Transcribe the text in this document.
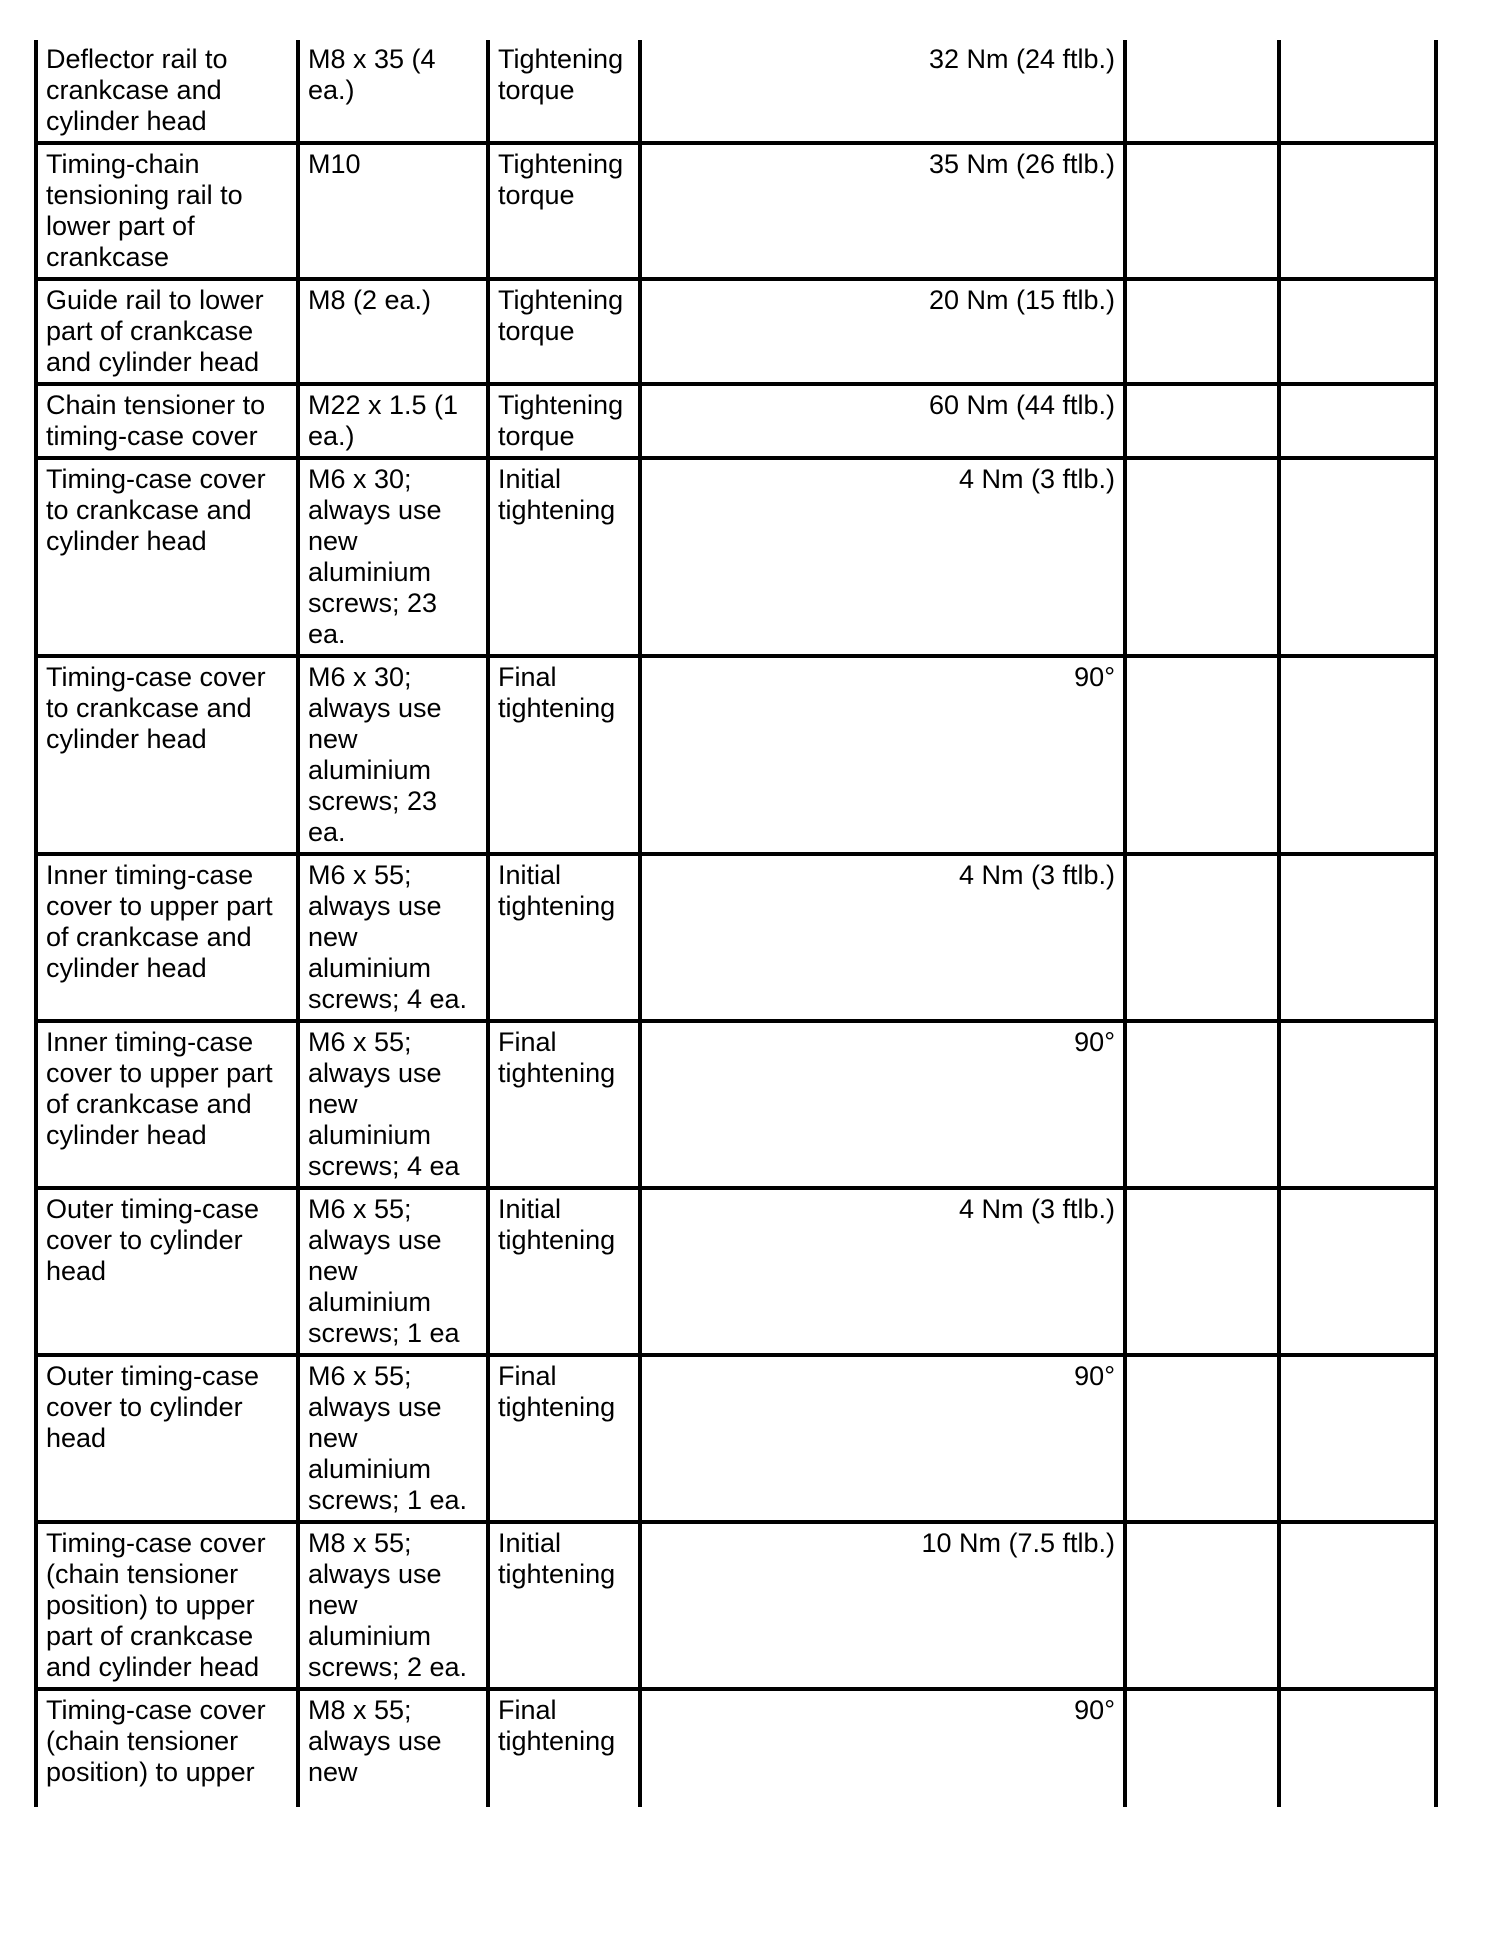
Deflector rail to crankcase and cylinder head	M8 x 35 (4 ea.)	Tightening torque	32 Nm (24 ftlb.)		
Timing-chain tensioning rail to lower part of crankcase	M10	Tightening torque	35 Nm (26 ftlb.)		
Guide rail to lower part of crankcase and cylinder head	M8 (2 ea.)	Tightening torque	20 Nm (15 ftlb.)		
Chain tensioner to timing-case cover	M22 x 1.5 (1 ea.)	Tightening torque	60 Nm (44 ftlb.)		
Timing-case cover to crankcase and cylinder head	M6 x 30; always use new aluminium screws; 23 ea.	Initial tightening	4 Nm (3 ftlb.)		
Timing-case cover to crankcase and cylinder head	M6 x 30; always use new aluminium screws; 23 ea.	Final tightening	90°		
Inner timing-case cover to upper part of crankcase and cylinder head	M6 x 55; always use new aluminium screws; 4 ea.	Initial tightening	4 Nm (3 ftlb.)		
Inner timing-case cover to upper part of crankcase and cylinder head	M6 x 55; always use new aluminium screws; 4 ea	Final tightening	90°		
Outer timing-case cover to cylinder head	M6 x 55; always use new aluminium screws; 1 ea	Initial tightening	4 Nm (3 ftlb.)		
Outer timing-case cover to cylinder head	M6 x 55; always use new aluminium screws; 1 ea.	Final tightening	90°		
Timing-case cover (chain tensioner position) to upper part of crankcase and cylinder head	M8 x 55; always use new aluminium screws; 2 ea.	Initial tightening	10 Nm (7.5 ftlb.)		
Timing-case cover (chain tensioner position) to upper	M8 x 55; always use new	Final tightening	90°		
